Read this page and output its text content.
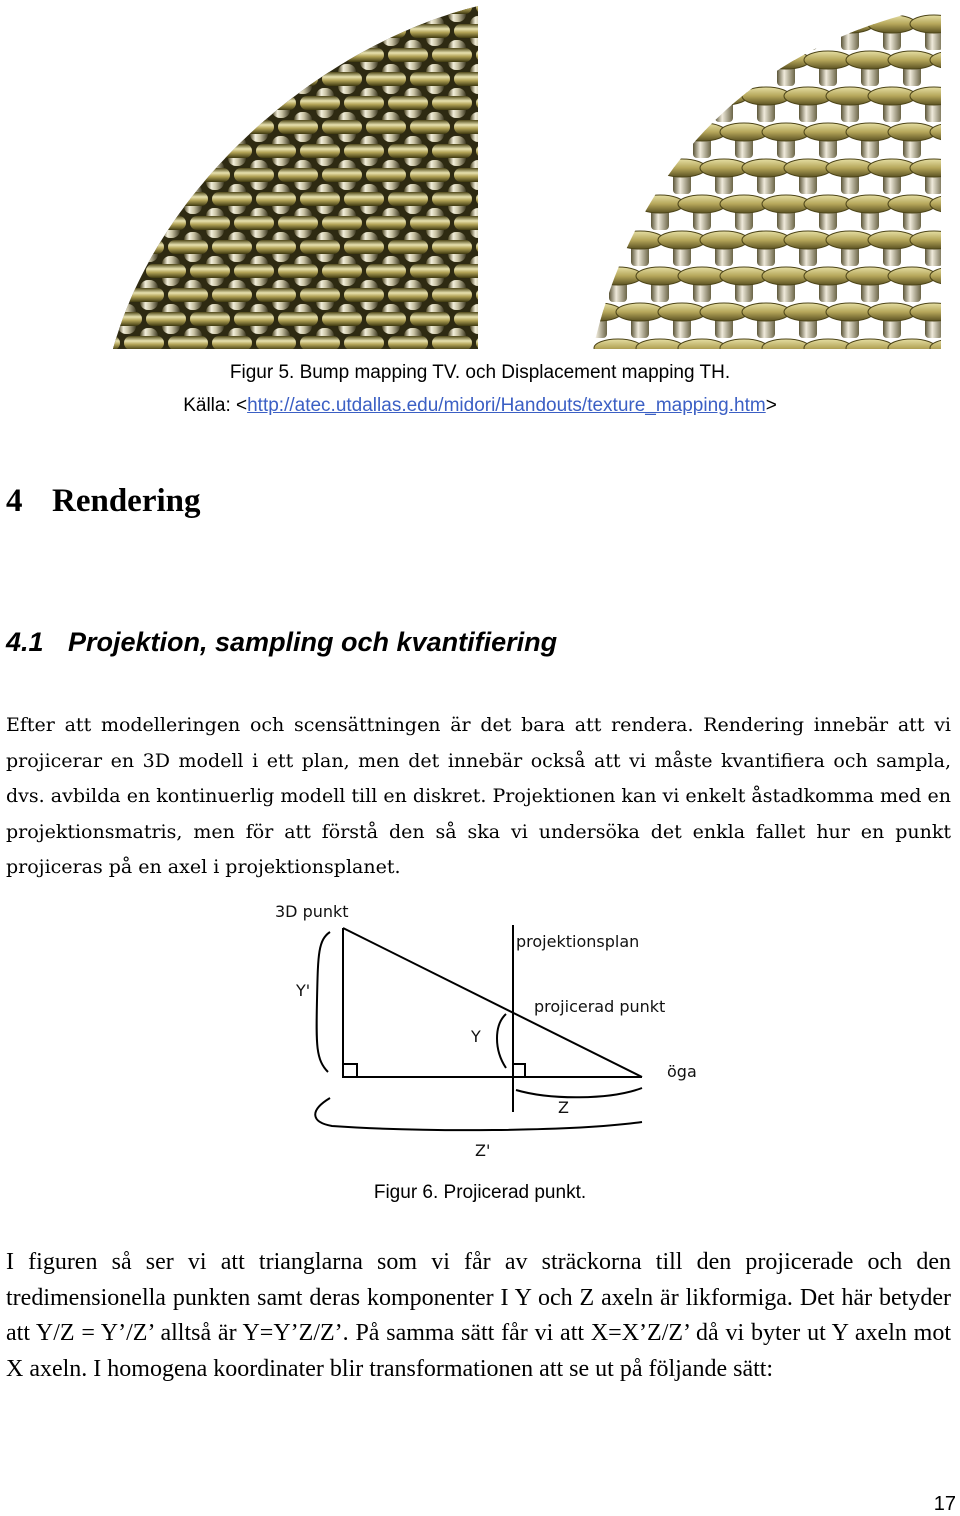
Figur 5. Bump mapping TV. och Displacement mapping TH.
Källa: <http://atec.utdallas.edu/midori/Handouts/texture_mapping.htm>
4 Rendering
4.1 Projektion, sampling och kvantifiering

Efter att modelleringen och scensättningen är det bara att rendera. Rendering innebär att vi projicerar en 3D modell i ett plan, men det innebär också att vi måste kvantifiera och sampla, dvs. avbilda en kontinuerlig modell till en diskret. Projektionen kan vi enkelt åstadkomma med en projektionsmatris, men för att förstå den så ska vi undersöka det enkla fallet hur en punkt projiceras på en axel i projektionsplanet.

3D punkt
projektionsplan
projicerad punkt
Y'
Y
öga
Z
Z'
Figur 6. Projicerad punkt.

I figuren så ser vi att trianglarna som vi får av sträckorna till den projicerade och den tredimensionella punkten samt deras komponenter I Y och Z axeln är likformiga. Det här betyder att Y/Z = Y’/Z’ alltså är Y=Y’Z/Z’. På samma sätt får vi att X=X’Z/Z’ då vi byter ut Y axeln mot X axeln. I homogena koordinater blir transformationen att se ut på följande sätt:

17
